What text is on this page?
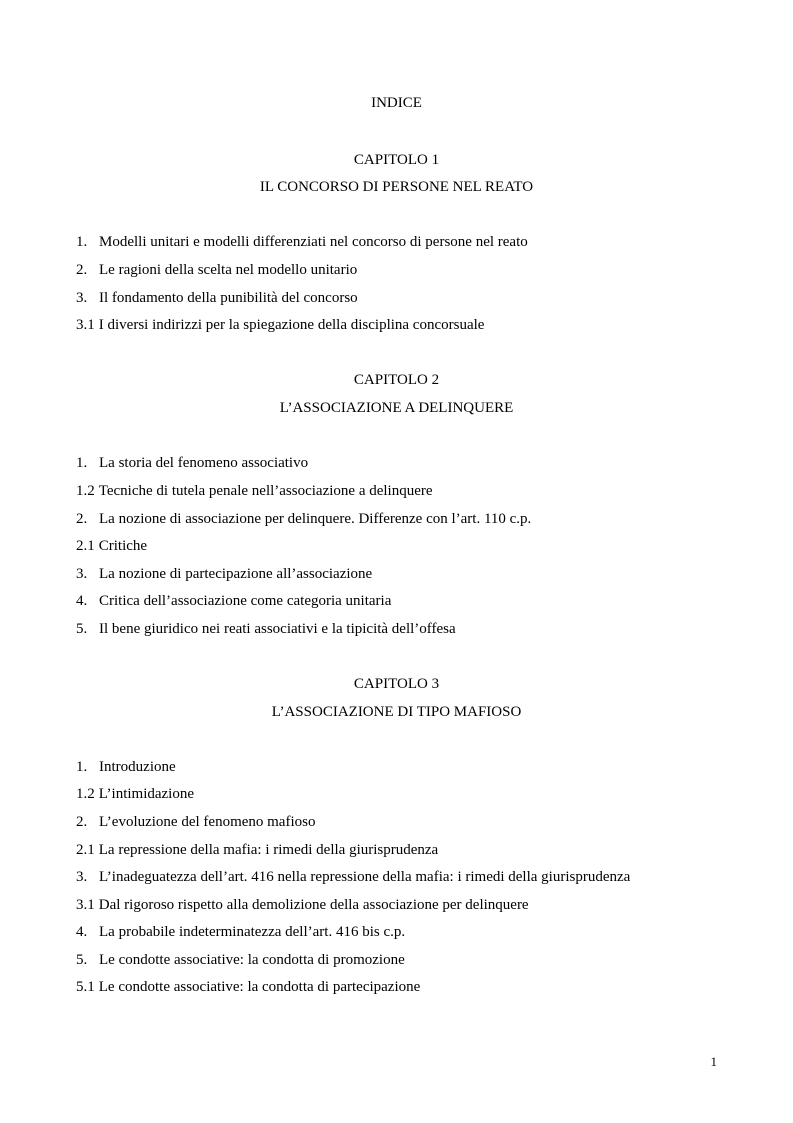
INDICE
CAPITOLO 1
IL CONCORSO DI PERSONE NEL REATO
1. Modelli unitari e modelli differenziati nel concorso di persone nel reato
2. Le ragioni della scelta nel modello unitario
3. Il fondamento della punibilità del concorso
3.1 I diversi indirizzi per la spiegazione della disciplina concorsuale
CAPITOLO 2
L’ASSOCIAZIONE A DELINQUERE
1. La storia del fenomeno associativo
1.2 Tecniche di tutela penale nell’associazione a delinquere
2. La nozione di associazione per delinquere. Differenze con l’art. 110 c.p.
2.1 Critiche
3. La nozione di partecipazione all’associazione
4. Critica dell’associazione come categoria unitaria
5. Il bene giuridico nei reati associativi e la tipicità dell’offesa
CAPITOLO 3
L’ASSOCIAZIONE DI TIPO MAFIOSO
1. Introduzione
1.2 L’intimidazione
2. L’evoluzione del fenomeno mafioso
2.1 La repressione della mafia: i rimedi della giurisprudenza
3. L’inadeguatezza dell’art. 416 nella repressione della mafia: i rimedi della giurisprudenza
3.1 Dal rigoroso rispetto alla demolizione della associazione per delinquere
4. La probabile indeterminatezza dell’art. 416 bis c.p.
5. Le condotte associative: la condotta di promozione
5.1 Le condotte associative: la condotta di partecipazione
1
